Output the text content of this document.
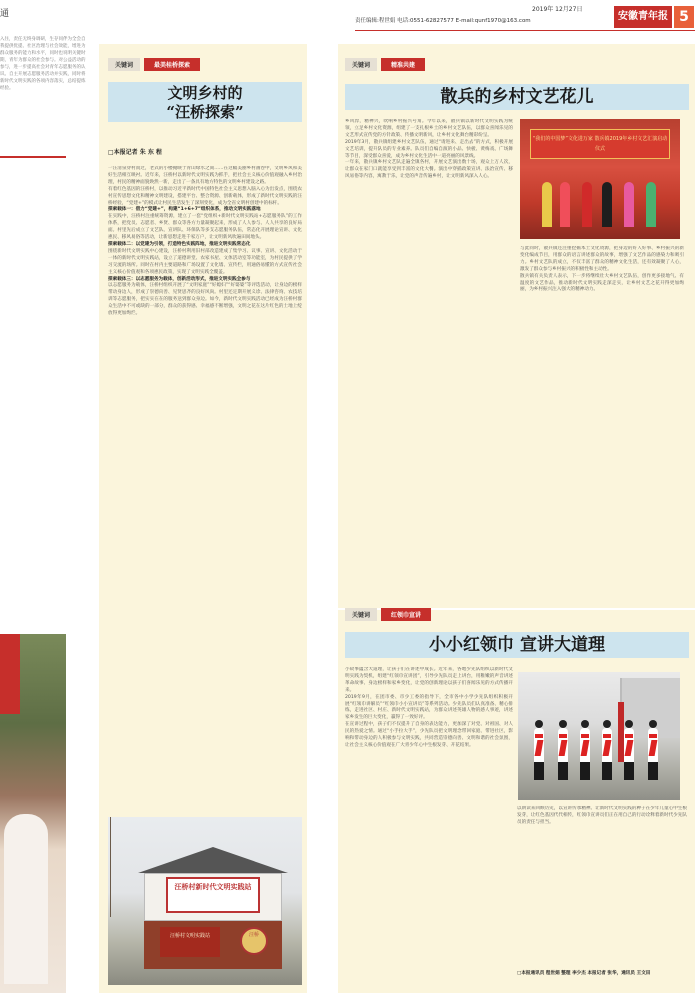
通	2019年 12月27日
责任编辑:程世娟 电话:0551-62827577 E-mail:qunf1970@163.com	安徽青年报 5
入住，责任无终身调研，生存同伴为全会自我提供优提、社区治理与社会效能，增进为群众服务的能力和水平，同时也说明关键时期，青年为群众的社会参与。对公益活动的参与，进一步提高社会对青年志愿服务的认识。自主开展志愿服务活动并实践，同时将新时代文明实践的各项内容落实，总结提炼经验。
关键词	最美桂桥探索
文明乡村的
“汪桥探索”
□本报记者 朱 东 程

一汪清泉穿村而过，老式的小楼掩映于青山绿水之间……在这幅美丽乡村画卷中，文明乡风和美好生活相互映衬。近年来，汪桥村以新时代文明实践为抓手，把社会主义核心价值观融入乡村治理，村民的精神面貌焕然一新，走出了一条具有地方特色的文明乡村建设之路。

有着红色基因的汪桥村，以推动习近平新时代中国特色社会主义思想入脑入心为出发点，围绕农村宣传思想文化和精神文明建设，搭建平台、整合资源、创新载体，形成了新时代文明实践的汪桥经验，“党建+”的模式让村民生活发生了深刻变化，成为全省文明村创建中的标杆。

探索载体一：借力“党建+”，构建“1+6+7”组织体系，推动文明实践落地

在实践中，汪桥村注重统筹资源，建立了一套“党组织+新时代文明实践站+志愿服务队”的工作体系，把党员、志愿者、乡贤、群众等各方力量凝聚起来，形成了人人参与、人人共享的良好局面。村里先后成立了文艺队、宣讲队、环保队等多支志愿服务队伍，常态化开展理论宣讲、文化惠民、移风易俗等活动，让新思想走进千家万户，让文明新风吹遍田间地头。

探索载体二：以党建为引领，打造特色实践阵地，推进文明实践常态化

围绕新时代文明实践中心建设，汪桥村利用旧村部改造建成了集学习、议事、宣讲、文化活动于一体的新时代文明实践站，设立了道德讲堂、农家书屋、文体活动室等功能室，为村民提供了学习交流的场所。同时在村内主要道路和广场设置了文化墙、宣传栏，用通俗易懂的方式宣传社会主义核心价值观和各项惠民政策，实现了文明实践全覆盖。

探索载体三：以志愿服务为载体，创新活动形式，推进文明实践全参与

以志愿服务为载体，汪桥村组织开展了“文明家庭”“好媳妇”“好婆婆”等评选活动，让身边的榜样带动身边人，形成了崇德向善、见贤思齐的良好风尚。村里还定期开展义诊、法律咨询、农技培训等志愿服务，把实实在在的服务送到群众身边。如今，新时代文明实践活动已经成为汪桥村群众生活中不可或缺的一部分，群众的获得感、幸福感不断增强，文明之花在这片红色的土地上绽放得更加绚烂。

汪桥村新时代文明实践站
汪桥村文明实践站	汪桥
关键词	精准共建
散兵的乡村文艺花儿

乡风淳，精神兴，吹响乡村振兴号角。今年以来，散兵镇以新时代文明实践为统领，立足乡村文化资源，组建了一支扎根乡土的乡村文艺队伍，以群众喜闻乐见的文艺形式宣传党的方针政策、传播文明新风，让乡村文化舞台精彩纷呈。

2019年3月，散兵镇组建乡村文艺队伍，通过“请进来、走出去”的方式，积极开展文艺培训，提升队员的专业素养。队员们自编自演的小品、快板、黄梅戏、广场舞等节目，深受群众喜爱，成为乡村文化生活中一道亮丽的风景线。

一年来，散兵镇乡村文艺队走遍全镇各村，开展文艺演出数十场，观众上万人次，让群众在家门口就能享受到丰富的文化大餐。演出中穿插政策宣讲、法治宣传、移风易俗等内容，寓教于乐，让党的声音传遍乡村，让文明新风深入人心。

“我们的中国梦”文化进万家 散兵镇2019年乡村文艺汇演启动仪式

与此同时，散兵镇还注重挖掘本土文化资源，把身边的好人好事、乡村振兴的新变化编成节目，用群众的语言讲述群众的故事，增强了文艺作品的感染力和吸引力。乡村文艺队的成立，不仅丰富了群众的精神文化生活，还有效凝聚了人心，激发了群众参与乡村振兴的积极性和主动性。

散兵镇有关负责人表示，下一步将继续壮大乡村文艺队伍，创作更多接地气、有温度的文艺作品，推动新时代文明实践走深走实，让乡村文艺之花开得更加绚丽，为乡村振兴注入强大的精神动力。

关键词	红领巾宣讲
小小红领巾 宣讲大道理

小故事蕴含大道理，让孩子们在讲述中成长。近年来，各地少先队组织以新时代文明实践为契机，组建“红领巾宣讲团”，引导少先队员走上讲台，用稚嫩的声音讲述革命故事、身边榜样和家乡变化，让党的创新理论以孩子们喜闻乐见的方式传播开来。

2019年9月，在团市委、市少工委的指导下，全市各中小学少先队组织积极开展“红领巾讲解员”“红领巾小小宣讲员”等系列活动。少先队员们认真准备、精心排练，走进社区、村庄、新时代文明实践站，为群众讲述英雄人物的感人事迹，讲述家乡发生的巨大变化，赢得了一致好评。

在宣讲过程中，孩子们不仅提升了自身的表达能力，更加深了对党、对祖国、对人民的热爱之情。通过“小手拉大手”，少先队员把文明理念带回家庭、带进社区，影响和带动身边的人积极参与文明实践，共同营造崇德向善、文明和谐的社会氛围，让社会主义核心价值观在广大青少年心中生根发芽、开花结果。

以朗读来回顾历史，以宣讲传承精神。让新时代文明实践的种子在少年儿童心中生根发芽，让红色基因代代相传，红领巾宣讲员们正在用自己的行动诠释着新时代少先队员的责任与担当。

□本报通讯员 程世娟 整理 李少杰 本报记者 张华，通讯员 王文田
